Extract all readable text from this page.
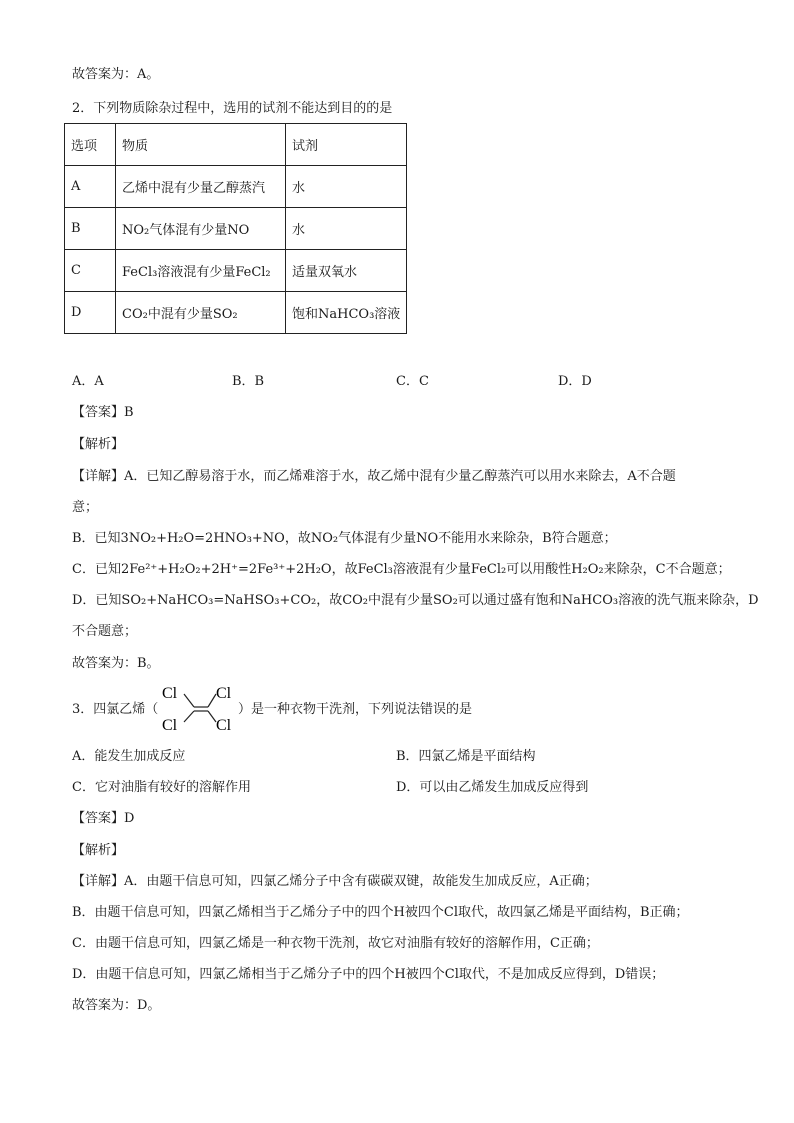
故答案为：A。
2．下列物质除杂过程中，选用的试剂不能达到目的的是
选项	物质	试剂
A	乙烯中混有少量乙醇蒸汽	水
B	NO₂气体混有少量NO	水
C	FeCl₃溶液混有少量FeCl₂	适量双氧水
D	CO₂中混有少量SO₂	饱和NaHCO₃溶液
A．A	B．B	C．C	D．D
【答案】B
【解析】
【详解】A．已知乙醇易溶于水，而乙烯难溶于水，故乙烯中混有少量乙醇蒸汽可以用水来除去，A不合题
意；
B．已知3NO₂+H₂O=2HNO₃+NO，故NO₂气体混有少量NO不能用水来除杂，B符合题意；
C．已知2Fe²⁺+H₂O₂+2H⁺=2Fe³⁺+2H₂O，故FeCl₃溶液混有少量FeCl₂可以用酸性H₂O₂来除杂，C不合题意；
D．已知SO₂+NaHCO₃=NaHSO₃+CO₂，故CO₂中混有少量SO₂可以通过盛有饱和NaHCO₃溶液的洗气瓶来除杂，D
不合题意；
故答案为：B。
3．四氯乙烯（
Cl
Cl
Cl
Cl
）是一种衣物干洗剂，下列说法错误的是
A．能发生加成反应	B．四氯乙烯是平面结构
C．它对油脂有较好的溶解作用	D．可以由乙烯发生加成反应得到
【答案】D
【解析】
【详解】A．由题干信息可知，四氯乙烯分子中含有碳碳双键，故能发生加成反应，A正确；
B．由题干信息可知，四氯乙烯相当于乙烯分子中的四个H被四个Cl取代，故四氯乙烯是平面结构，B正确；
C．由题干信息可知，四氯乙烯是一种衣物干洗剂，故它对油脂有较好的溶解作用，C正确；
D．由题干信息可知，四氯乙烯相当于乙烯分子中的四个H被四个Cl取代，不是加成反应得到，D错误；
故答案为：D。
